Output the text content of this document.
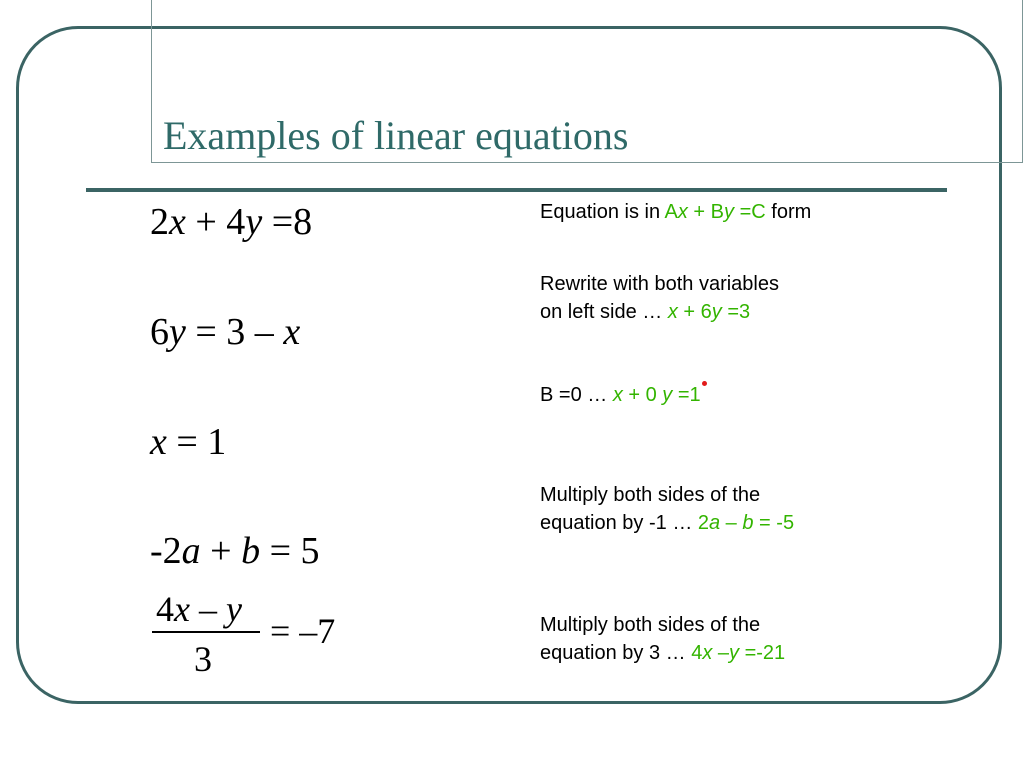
Examples of linear equations
2x + 4y =8
6y = 3 – x
x = 1
-2a + b = 5
4x – y
3
= –7
Equation is in Ax + By =C form
Rewrite with both variables
on left side … x + 6y =3
B =0 … x + 0 y =1
Multiply both sides of the
equation by -1 … 2a – b = -5
Multiply both sides of the
equation by 3 … 4x –y =-21
